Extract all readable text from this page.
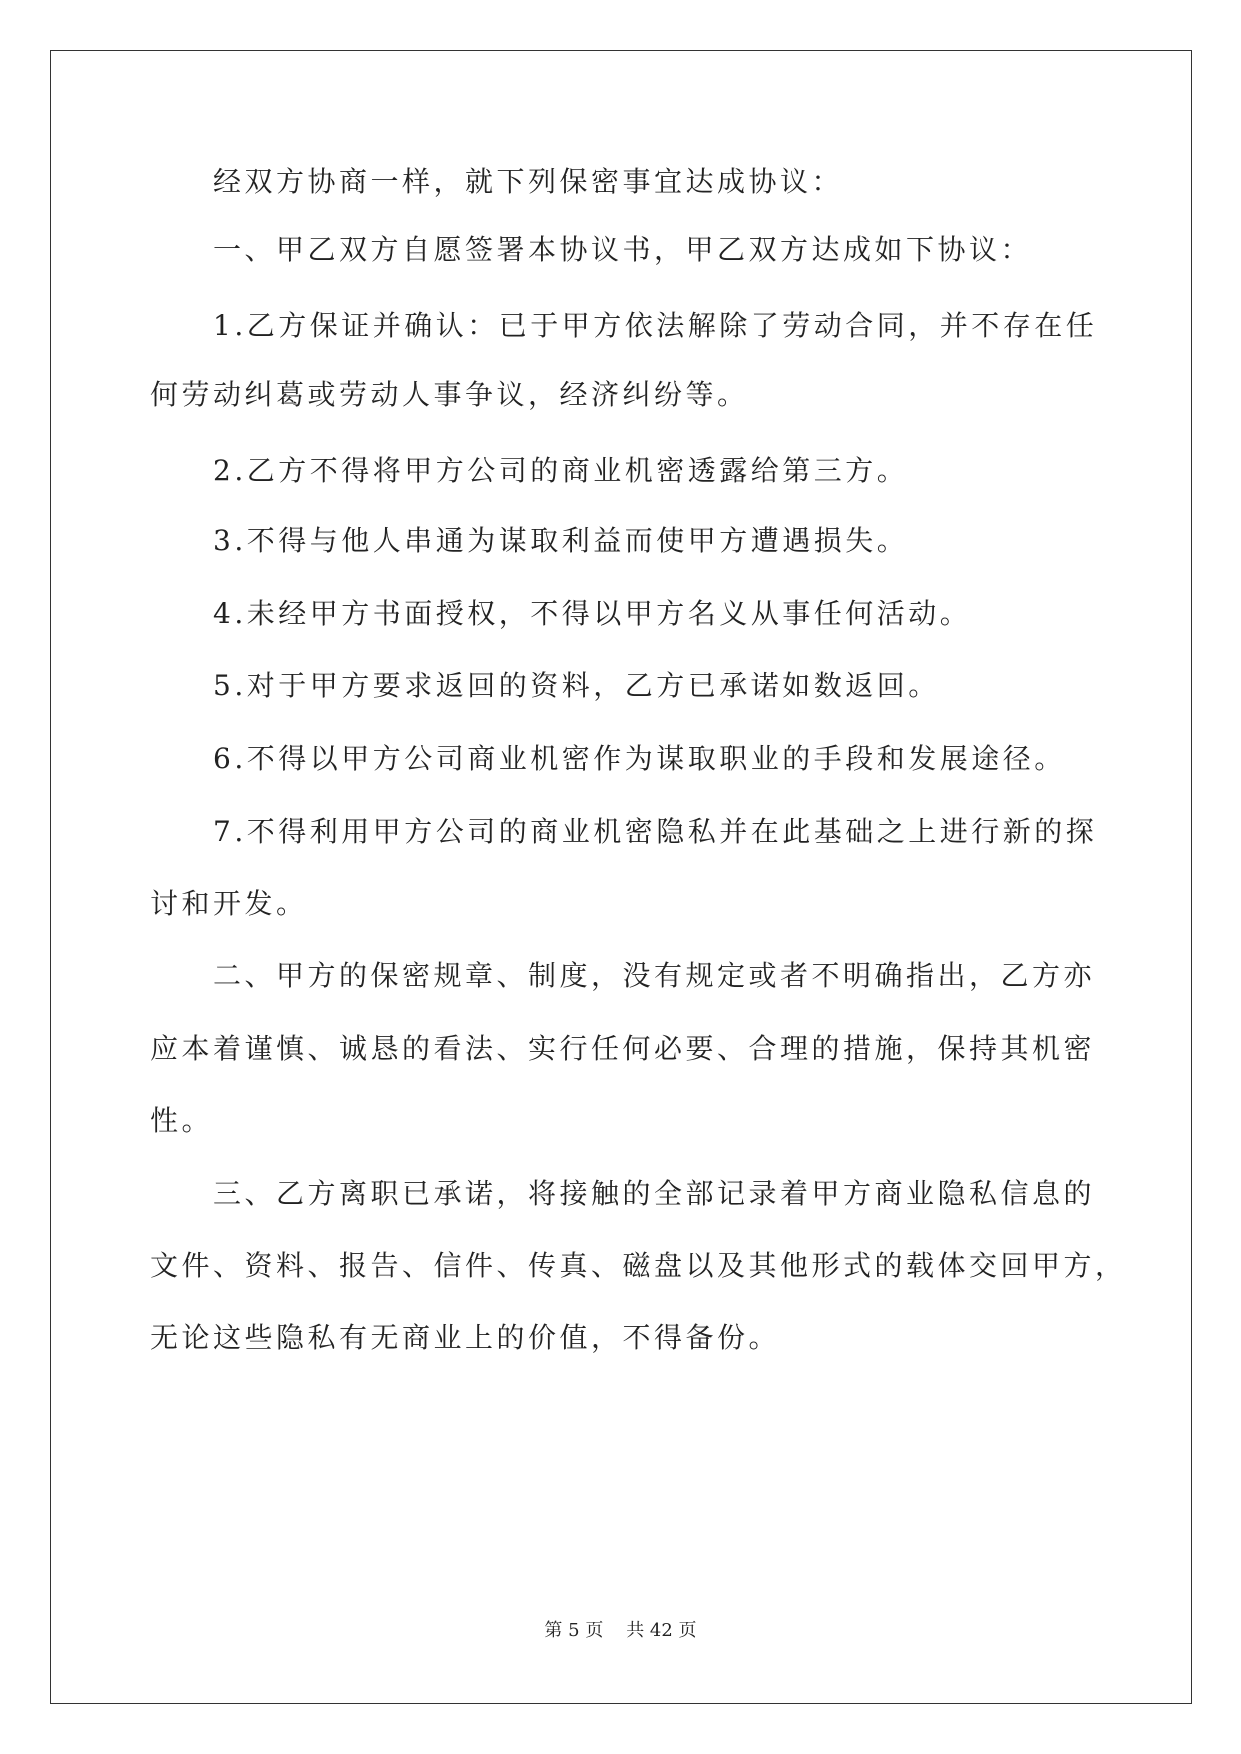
经双方协商一样，就下列保密事宜达成协议：

一、甲乙双方自愿签署本协议书，甲乙双方达成如下协议：

1.乙方保证并确认：已于甲方依法解除了劳动合同，并不存在任

何劳动纠葛或劳动人事争议，经济纠纷等。

2.乙方不得将甲方公司的商业机密透露给第三方。

3.不得与他人串通为谋取利益而使甲方遭遇损失。

4.未经甲方书面授权，不得以甲方名义从事任何活动。

5.对于甲方要求返回的资料，乙方已承诺如数返回。

6.不得以甲方公司商业机密作为谋取职业的手段和发展途径。

7.不得利用甲方公司的商业机密隐私并在此基础之上进行新的探

讨和开发。

二、甲方的保密规章、制度，没有规定或者不明确指出，乙方亦

应本着谨慎、诚恳的看法、实行任何必要、合理的措施，保持其机密

性。

三、乙方离职已承诺，将接触的全部记录着甲方商业隐私信息的

文件、资料、报告、信件、传真、磁盘以及其他形式的载体交回甲方，

无论这些隐私有无商业上的价值，不得备份。

第 5 页    共 42 页
